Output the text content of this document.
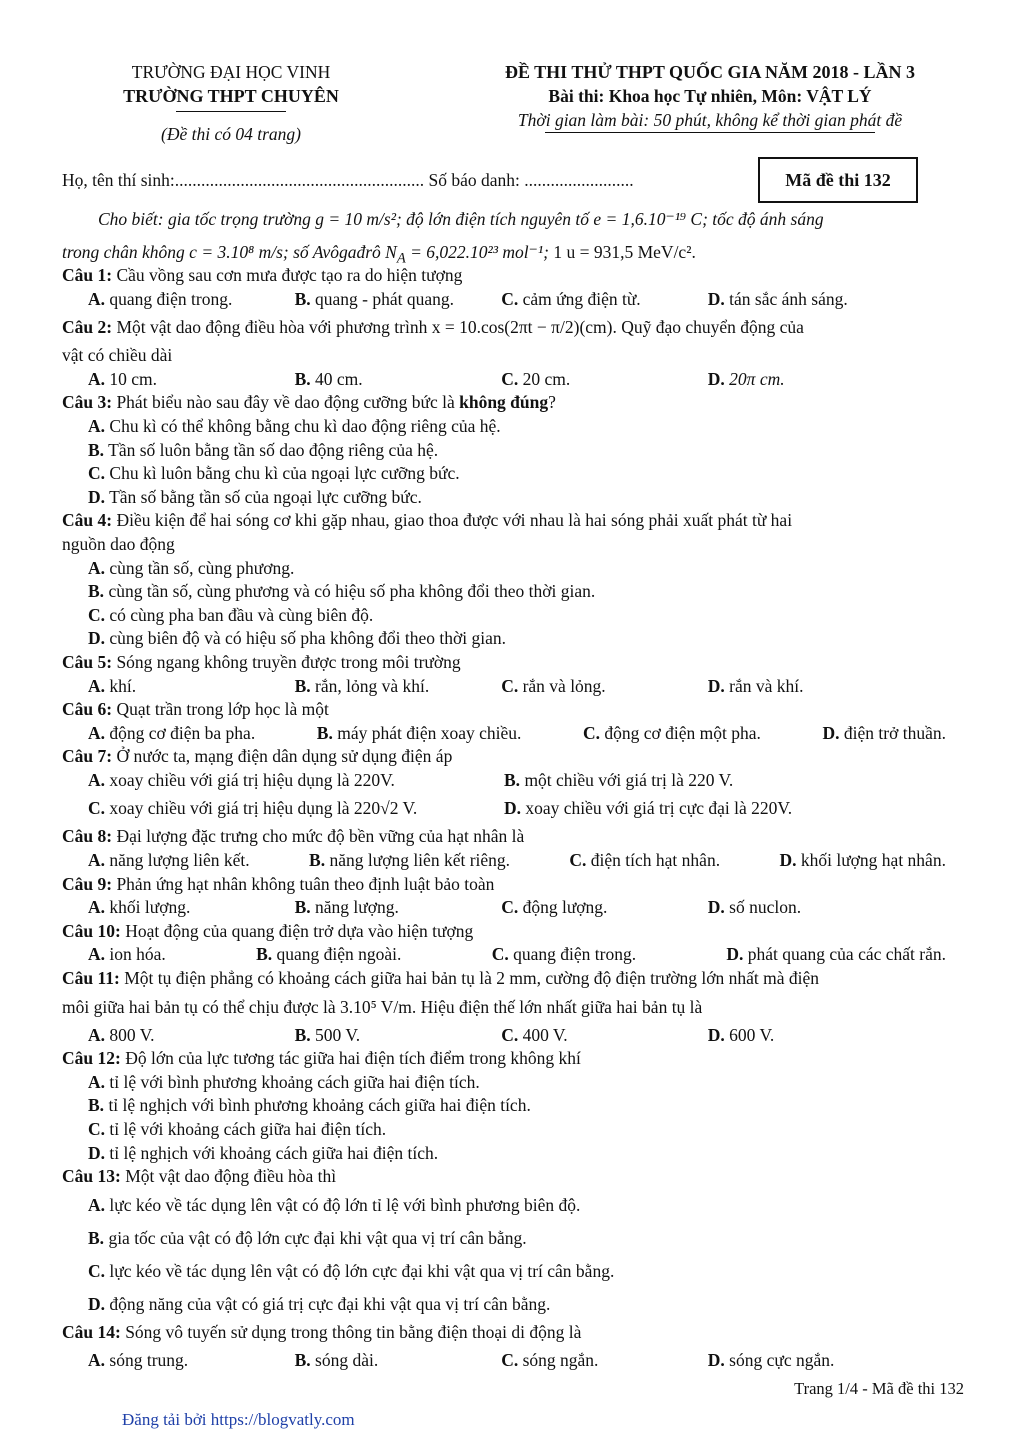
TRƯỜNG ĐẠI HỌC VINH
TRƯỜNG THPT CHUYÊN
(Đề thi có 04 trang)
ĐỀ THI THỬ THPT QUỐC GIA NĂM 2018 - LẦN 3
Bài thi: Khoa học Tự nhiên, Môn: VẬT LÝ
Thời gian làm bài: 50 phút, không kể thời gian phát đề
Họ, tên thí sinh:......................................................... Số báo danh: .........................	Mã đề thi 132
Cho biết: gia tốc trọng trường g = 10 m/s²; độ lớn điện tích nguyên tố e = 1,6.10⁻¹⁹ C; tốc độ ánh sáng
trong chân không c = 3.10⁸ m/s; số Avôgađrô $N_A = 6,022.10^{23}$ mol⁻¹; 1 u = 931,5 MeV/c².
Câu 1: Cầu vồng sau cơn mưa được tạo ra do hiện tượng
A. quang điện trong.	B. quang - phát quang.	C. cảm ứng điện từ.	D. tán sắc ánh sáng.
Câu 2: Một vật dao động điều hòa với phương trình x = 10.cos(2πt − π/2)(cm). Quỹ đạo chuyển động của
vật có chiều dài
A. 10 cm.	B. 40 cm.	C. 20 cm.	D. 20π cm.
Câu 3: Phát biểu nào sau đây về dao động cưỡng bức là không đúng?
A. Chu kì có thể không bằng chu kì dao động riêng của hệ.
B. Tần số luôn bằng tần số dao động riêng của hệ.
C. Chu kì luôn bằng chu kì của ngoại lực cưỡng bức.
D. Tần số bằng tần số của ngoại lực cưỡng bức.
Câu 4: Điều kiện để hai sóng cơ khi gặp nhau, giao thoa được với nhau là hai sóng phải xuất phát từ hai
nguồn dao động
A. cùng tần số, cùng phương.
B. cùng tần số, cùng phương và có hiệu số pha không đổi theo thời gian.
C. có cùng pha ban đầu và cùng biên độ.
D. cùng biên độ và có hiệu số pha không đổi theo thời gian.
Câu 5: Sóng ngang không truyền được trong môi trường
A. khí.	B. rắn, lỏng và khí.	C. rắn và lỏng.	D. rắn và khí.
Câu 6: Quạt trần trong lớp học là một
A. động cơ điện ba pha.	B. máy phát điện xoay chiều.	C. động cơ điện một pha.	D. điện trở thuần.
Câu 7: Ở nước ta, mạng điện dân dụng sử dụng điện áp
A. xoay chiều với giá trị hiệu dụng là 220V.	B. một chiều với giá trị là 220 V.
C. xoay chiều với giá trị hiệu dụng là 220√2 V.	D. xoay chiều với giá trị cực đại là 220V.
Câu 8: Đại lượng đặc trưng cho mức độ bền vững của hạt nhân là
A. năng lượng liên kết.	B. năng lượng liên kết riêng.	C. điện tích hạt nhân.	D. khối lượng hạt nhân.
Câu 9: Phản ứng hạt nhân không tuân theo định luật bảo toàn
A. khối lượng.	B. năng lượng.	C. động lượng.	D. số nuclon.
Câu 10: Hoạt động của quang điện trở dựa vào hiện tượng
A. ion hóa.	B. quang điện ngoài.	C. quang điện trong.	D. phát quang của các chất rắn.
Câu 11: Một tụ điện phẳng có khoảng cách giữa hai bản tụ là 2 mm, cường độ điện trường lớn nhất mà điện
môi giữa hai bản tụ có thể chịu được là 3.10⁵ V/m. Hiệu điện thế lớn nhất giữa hai bản tụ là
A. 800 V.	B. 500 V.	C. 400 V.	D. 600 V.
Câu 12: Độ lớn của lực tương tác giữa hai điện tích điểm trong không khí
A. tỉ lệ với bình phương khoảng cách giữa hai điện tích.
B. tỉ lệ nghịch với bình phương khoảng cách giữa hai điện tích.
C. tỉ lệ với khoảng cách giữa hai điện tích.
D. tỉ lệ nghịch với khoảng cách giữa hai điện tích.
Câu 13: Một vật dao động điều hòa thì
A. lực kéo về tác dụng lên vật có độ lớn tỉ lệ với bình phương biên độ.
B. gia tốc của vật có độ lớn cực đại khi vật qua vị trí cân bằng.
C. lực kéo về tác dụng lên vật có độ lớn cực đại khi vật qua vị trí cân bằng.
D. động năng của vật có giá trị cực đại khi vật qua vị trí cân bằng.
Câu 14: Sóng vô tuyến sử dụng trong thông tin bằng điện thoại di động là
A. sóng trung.	B. sóng dài.	C. sóng ngắn.	D. sóng cực ngắn.
Trang 1/4 - Mã đề thi 132
Đăng tải bởi https://blogvatly.com
